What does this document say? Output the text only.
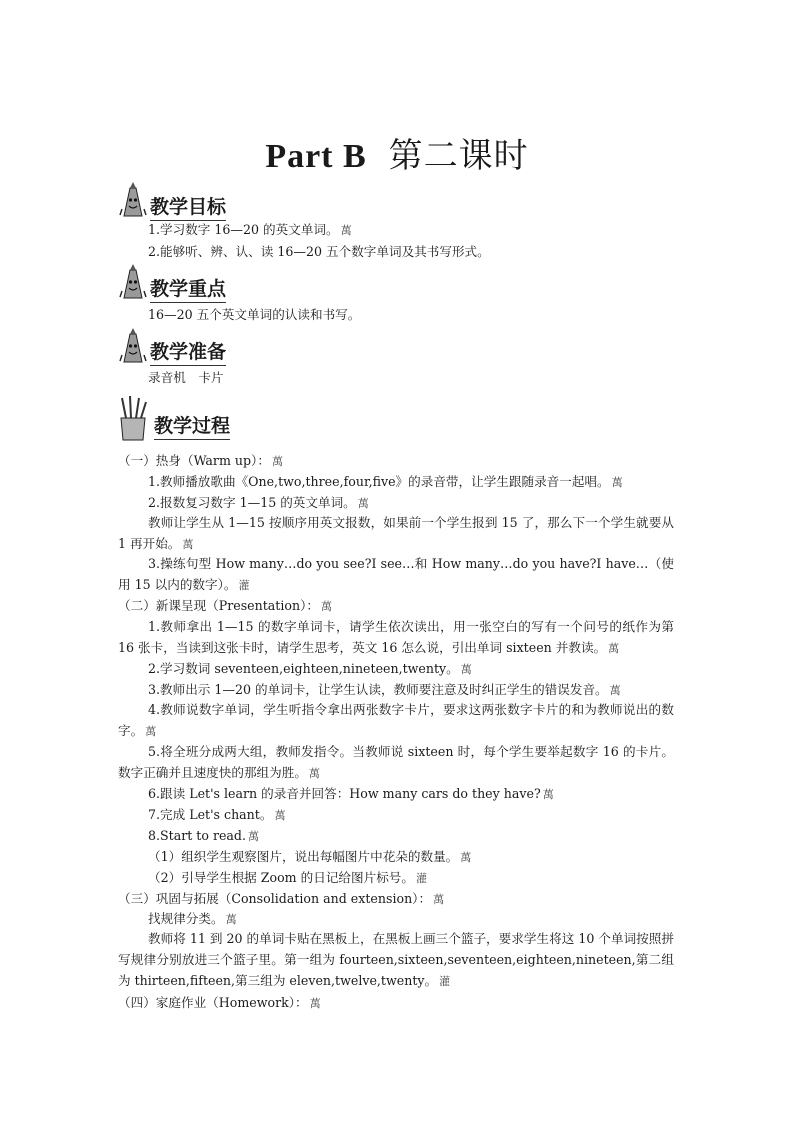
Part B 第二课时
教学目标
教学重点
教学准备
教学过程
1.学习数字 16—20 的英文单词。 萬
2.能够听、辨、认、读 16—20 五个数字单词及其书写形式。
16—20 五个英文单词的认读和书写。
录音机　卡片
（一）热身（Warm up）： 萬
1.教师播放歌曲《One,two,three,four,five》的录音带，让学生跟随录音一起唱。 萬
2.报数复习数字 1—15 的英文单词。 萬
教师让学生从 1—15 按顺序用英文报数，如果前一个学生报到 15 了，那么下一个学生就要从 1 再开始。 萬
3.操练句型 How many…do you see?I see…和 How many…do you have?I have…（使用 15 以内的数字）。 灌
（二）新课呈现（Presentation）： 萬
1.教师拿出 1—15 的数字单词卡，请学生依次读出，用一张空白的写有一个问号的纸作为第 16 张卡，当读到这张卡时，请学生思考，英文 16 怎么说，引出单词 sixteen 并教读。 萬
2.学习数词 seventeen,eighteen,nineteen,twenty。 萬
3.教师出示 1—20 的单词卡，让学生认读，教师要注意及时纠正学生的错误发音。 萬
4.教师说数字单词，学生听指令拿出两张数字卡片，要求这两张数字卡片的和为教师说出的数字。 萬
5.将全班分成两大组，教师发指令。当教师说 sixteen 时，每个学生要举起数字 16 的卡片。数字正确并且速度快的那组为胜。 萬
6.跟读 Let's learn 的录音并回答：How many cars do they have? 萬
7.完成 Let's chant。 萬
8.Start to read. 萬
（1）组织学生观察图片，说出每幅图片中花朵的数量。 萬
（2）引导学生根据 Zoom 的日记给图片标号。 灌
（三）巩固与拓展（Consolidation and extension）： 萬
找规律分类。 萬
教师将 11 到 20 的单词卡贴在黑板上，在黑板上画三个篮子，要求学生将这 10 个单词按照拼写规律分别放进三个篮子里。第一组为 fourteen,sixteen,seventeen,eighteen,nineteen,第二组为 thirteen,fifteen,第三组为 eleven,twelve,twenty。 灌
（四）家庭作业（Homework）： 萬
